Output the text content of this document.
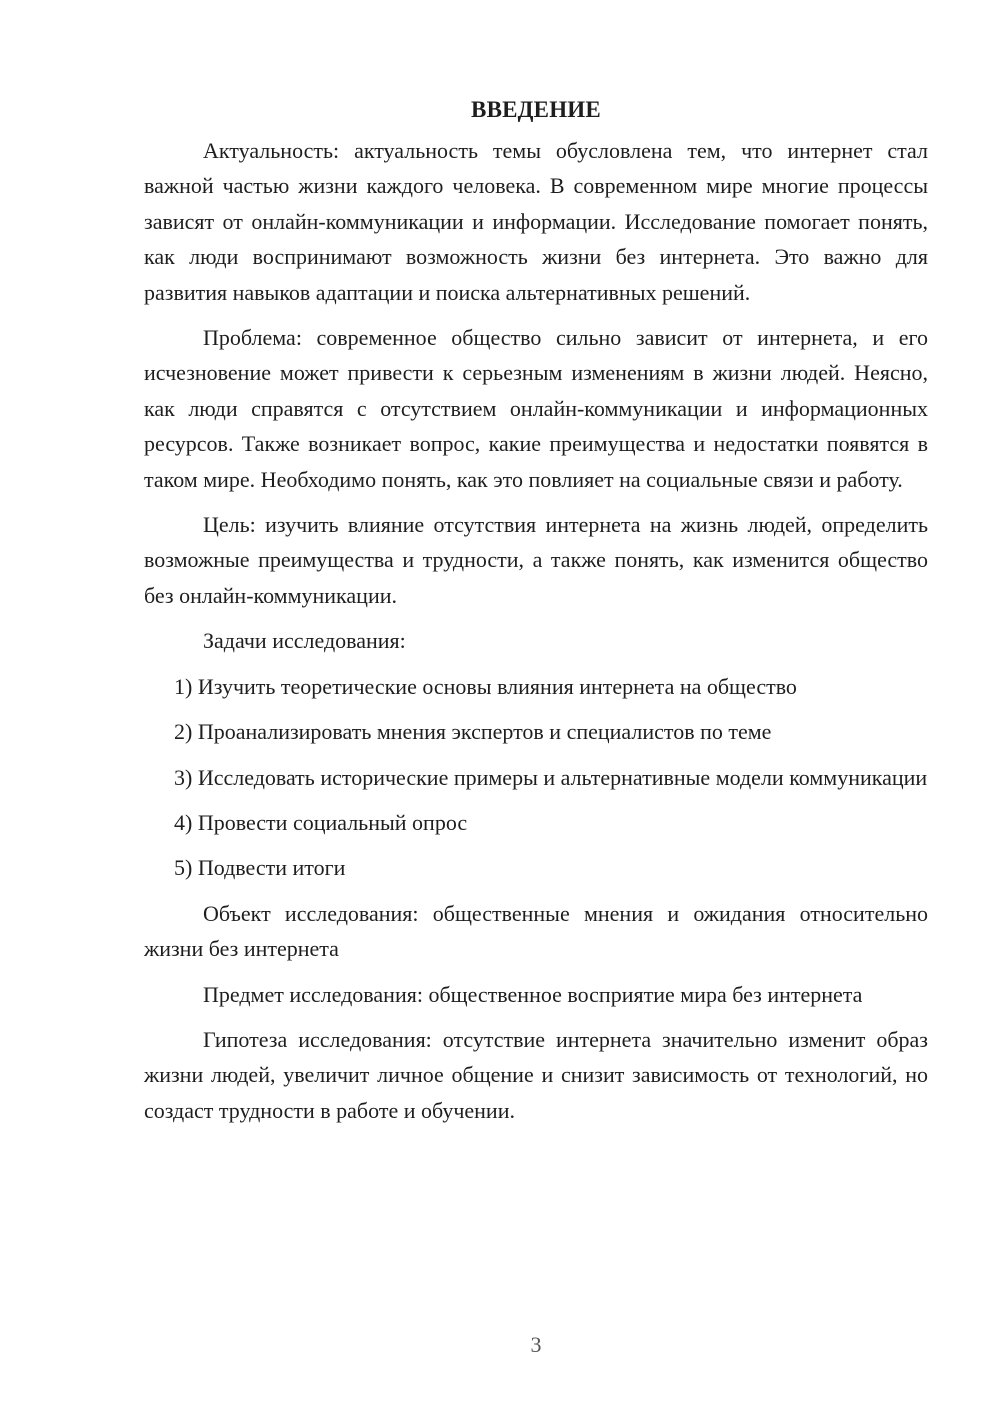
ВВЕДЕНИЕ

Актуальность: актуальность темы обусловлена тем, что интернет стал важной частью жизни каждого человека. В современном мире многие процессы зависят от онлайн-коммуникации и информации. Исследование помогает понять, как люди воспринимают возможность жизни без интернета. Это важно для развития навыков адаптации и поиска альтернативных решений.

Проблема: современное общество сильно зависит от интернета, и его исчезновение может привести к серьезным изменениям в жизни людей. Неясно, как люди справятся с отсутствием онлайн-коммуникации и информационных ресурсов. Также возникает вопрос, какие преимущества и недостатки появятся в таком мире. Необходимо понять, как это повлияет на социальные связи и работу.

Цель: изучить влияние отсутствия интернета на жизнь людей, определить возможные преимущества и трудности, а также понять, как изменится общество без онлайн-коммуникации.

Задачи исследования:

1) Изучить теоретические основы влияния интернета на общество

2) Проанализировать мнения экспертов и специалистов по теме

3) Исследовать исторические примеры и альтернативные модели коммуникации

4) Провести социальный опрос

5) Подвести итоги

Объект исследования: общественные мнения и ожидания относительно жизни без интернета

Предмет исследования: общественное восприятие мира без интернета

Гипотеза исследования: отсутствие интернета значительно изменит образ жизни людей, увеличит личное общение и снизит зависимость от технологий, но создаст трудности в работе и обучении.

3
